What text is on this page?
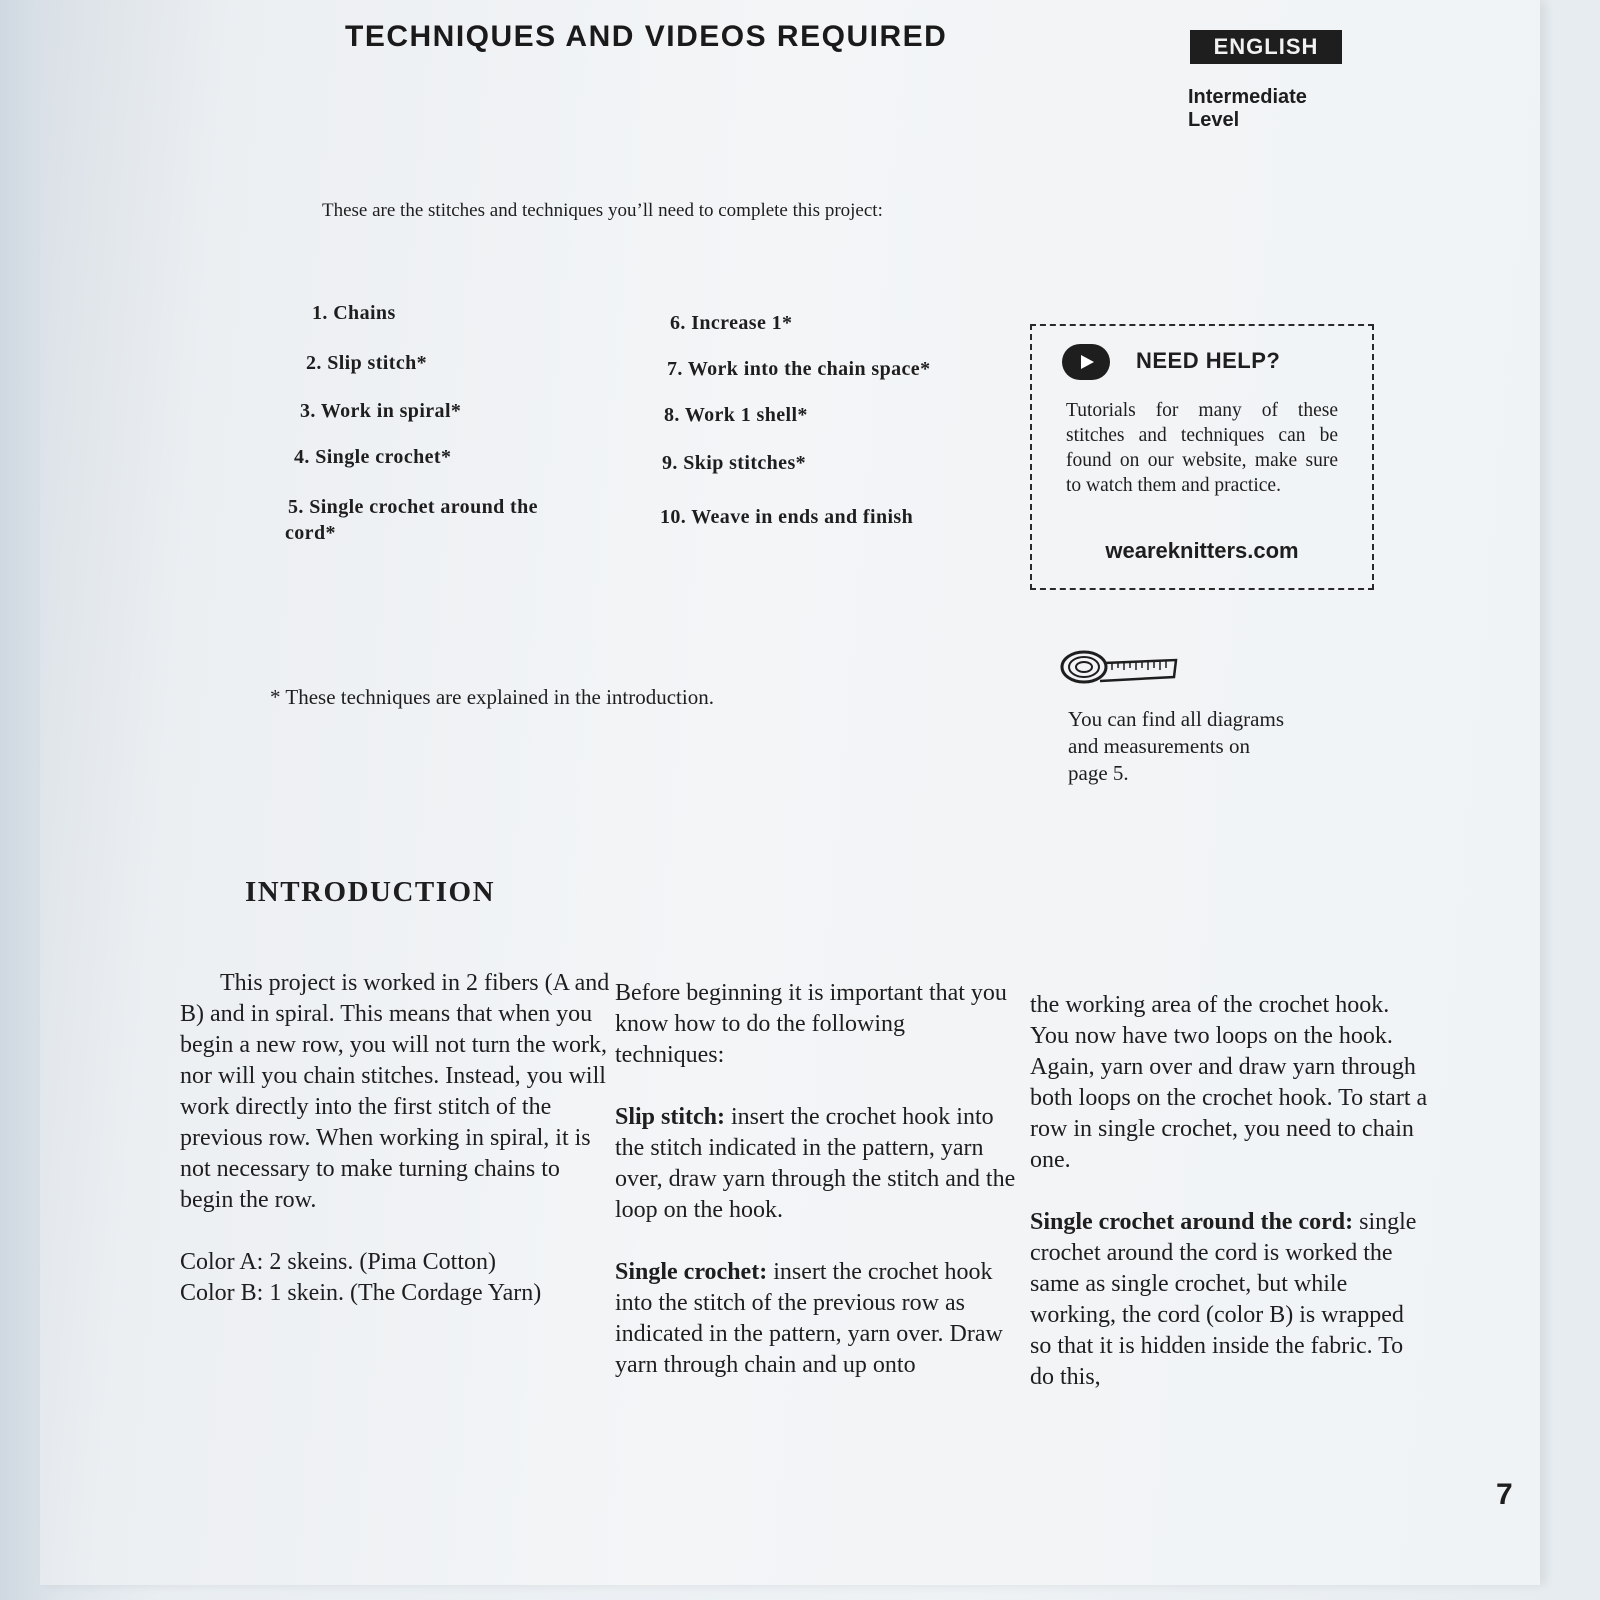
TECHNIQUES AND VIDEOS REQUIRED	ENGLISH
Intermediate
Level
These are the stitches and techniques you’ll need to complete this project:
1. Chains
2. Slip stitch*
3. Work in spiral*
4. Single crochet*
5. Single crochet around the
cord*
6. Increase 1*
7. Work into the chain space*
8. Work 1 shell*
9. Skip stitches*
10. Weave in ends and finish
NEED HELP?
Tutorials for many of these stitches and techniques can be found on our website, make sure to watch them and practice.
weareknitters.com
You can find all diagrams
and measurements on
page 5.
* These techniques are explained in the introduction.
INTRODUCTION

This project is worked in 2 fibers (A and B) and in spiral. This means that when you begin a new row, you will not turn the work, nor will you chain stitches. Instead, you will work directly into the first stitch of the previous row. When working in spiral, it is not necessary to make turning chains to begin the row.

Color A: 2 skeins. (Pima Cotton)
Color B: 1 skein. (The Cordage Yarn)

Before beginning it is important that you know how to do the following techniques:

Slip stitch: insert the crochet hook into the stitch indicated in the pattern, yarn over, draw yarn through the stitch and the loop on the hook.

Single crochet: insert the crochet hook into the stitch of the previous row as indicated in the pattern, yarn over. Draw yarn through chain and up onto

the working area of the crochet hook. You now have two loops on the hook. Again, yarn over and draw yarn through both loops on the crochet hook. To start a row in single crochet, you need to chain one.

Single crochet around the cord: single crochet around the cord is worked the same as single crochet, but while working, the cord (color B) is wrapped so that it is hidden inside the fabric. To do this,

7
